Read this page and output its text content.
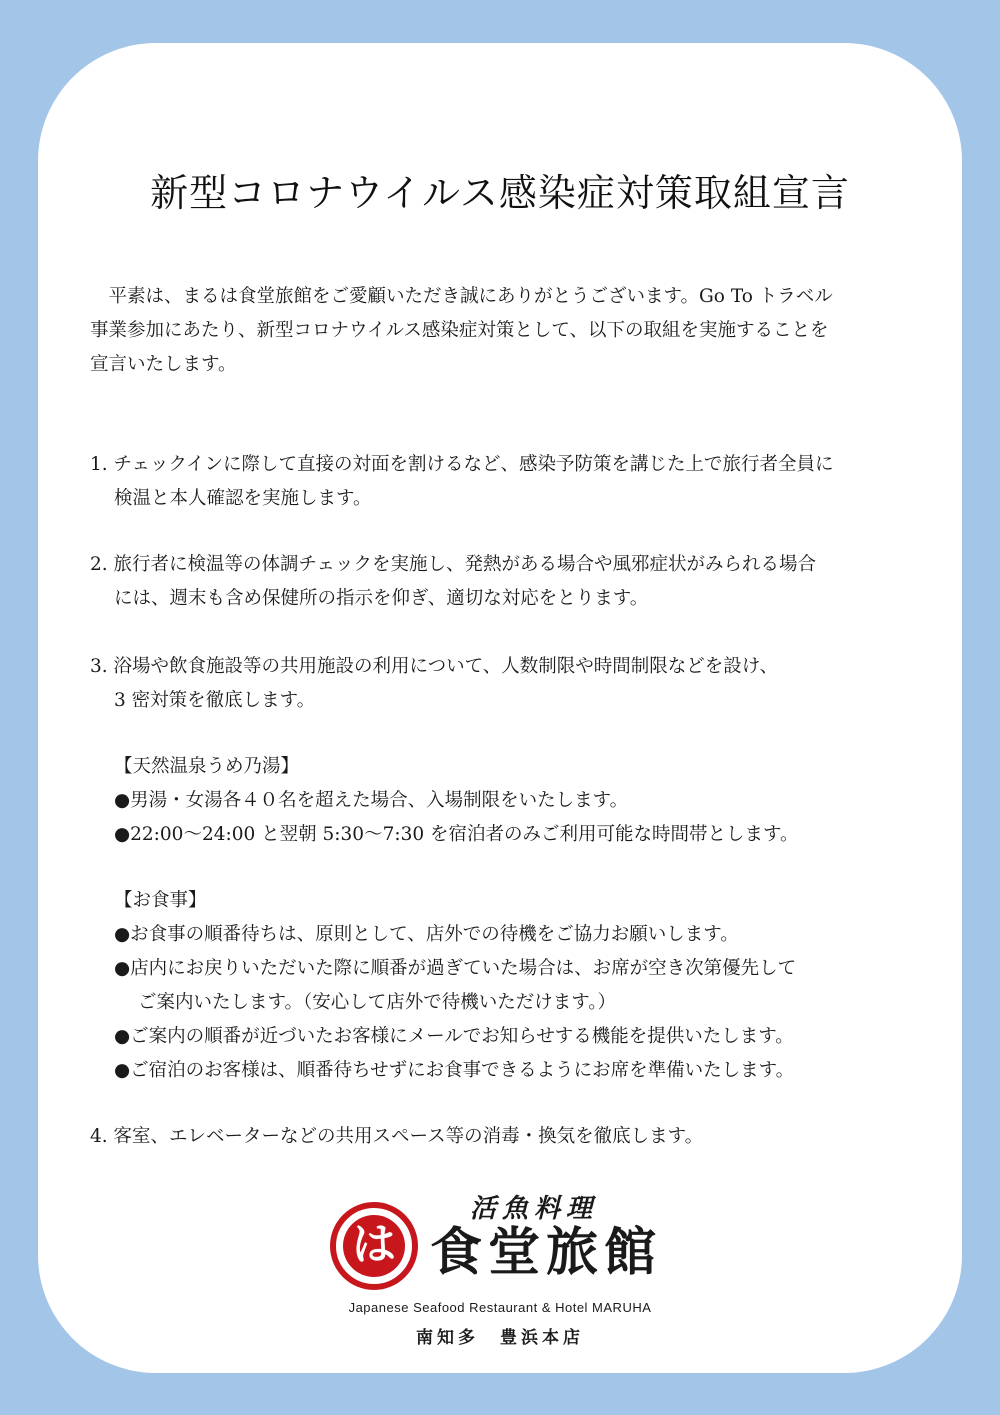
新型コロナウイルス感染症対策取組宣言
　平素は、まるは食堂旅館をご愛顧いただき誠にありがとうございます。Go To トラベル
事業参加にあたり、新型コロナウイルス感染症対策として、以下の取組を実施することを
宣言いたします。
1. チェックインに際して直接の対面を割けるなど、感染予防策を講じた上で旅行者全員に
検温と本人確認を実施します。
2. 旅行者に検温等の体調チェックを実施し、発熱がある場合や風邪症状がみられる場合
には、週末も含め保健所の指示を仰ぎ、適切な対応をとります。
3. 浴場や飲食施設等の共用施設の利用について、人数制限や時間制限などを設け、
3 密対策を徹底します。
【天然温泉うめ乃湯】
●男湯・女湯各４０名を超えた場合、入場制限をいたします。
●22:00～24:00 と翌朝 5:30～7:30 を宿泊者のみご利用可能な時間帯とします。
【お食事】
●お食事の順番待ちは、原則として、店外での待機をご協力お願いします。
●店内にお戻りいただいた際に順番が過ぎていた場合は、お席が空き次第優先して
ご案内いたします。（安心して店外で待機いただけます。）
●ご案内の順番が近づいたお客様にメールでお知らせする機能を提供いたします。
●ご宿泊のお客様は、順番待ちせずにお食事できるようにお席を準備いたします。
4. 客室、エレベーターなどの共用スペース等の消毒・換気を徹底します。
は
活魚料理
食堂旅館
Japanese Seafood Restaurant & Hotel MARUHA
南知多　豊浜本店
